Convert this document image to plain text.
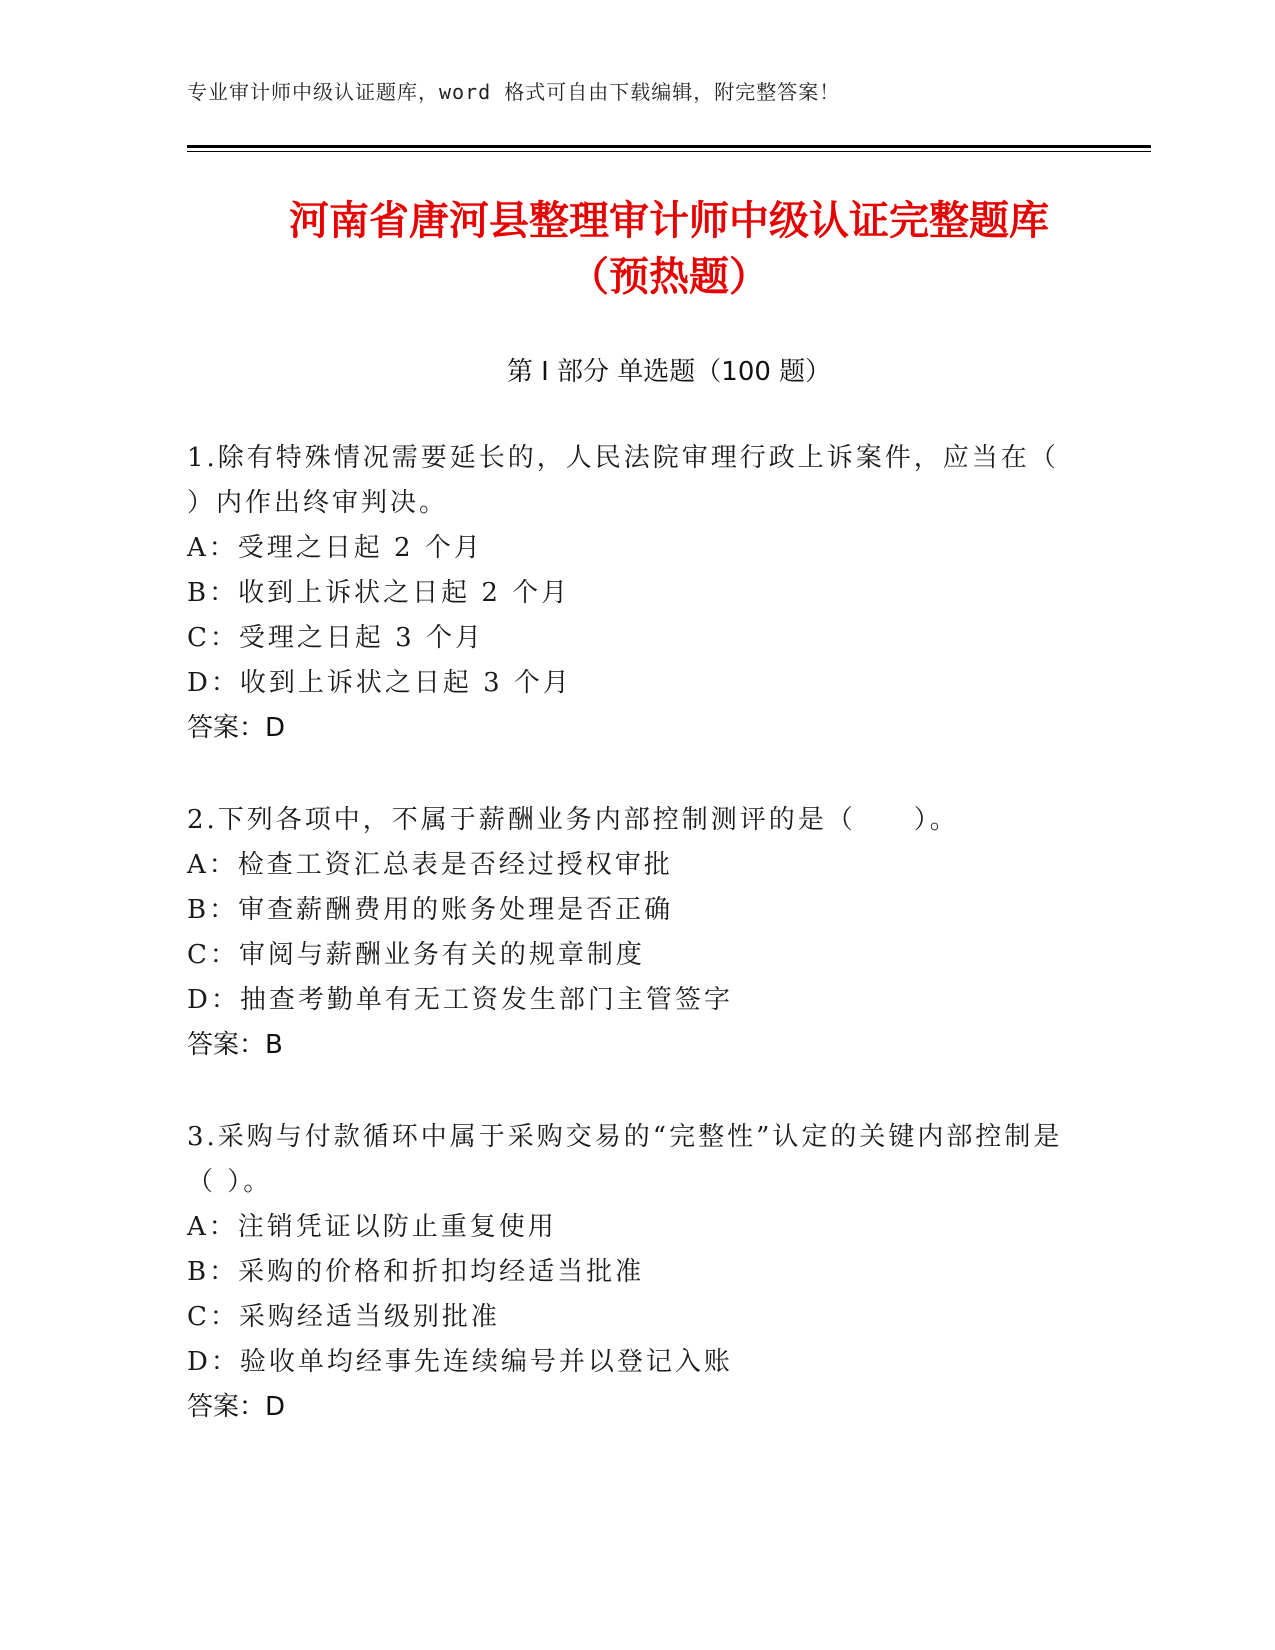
专业审计师中级认证题库，word 格式可自由下载编辑，附完整答案！
河南省唐河县整理审计师中级认证完整题库
（预热题）
第 I 部分 单选题（100 题）

1.除有特殊情况需要延长的，人民法院审理行政上诉案件，应当在（ ）内作出终审判决。

A：受理之日起 2 个月

B：收到上诉状之日起 2 个月

C：受理之日起 3 个月

D：收到上诉状之日起 3 个月

答案：D

2.下列各项中，不属于薪酬业务内部控制测评的是（　　）。

A：检查工资汇总表是否经过授权审批

B：审查薪酬费用的账务处理是否正确

C：审阅与薪酬业务有关的规章制度

D：抽查考勤单有无工资发生部门主管签字

答案：B

3.采购与付款循环中属于采购交易的“完整性”认定的关键内部控制是（ ）。

A：注销凭证以防止重复使用

B：采购的价格和折扣均经适当批准

C：采购经适当级别批准

D：验收单均经事先连续编号并以登记入账

答案：D
